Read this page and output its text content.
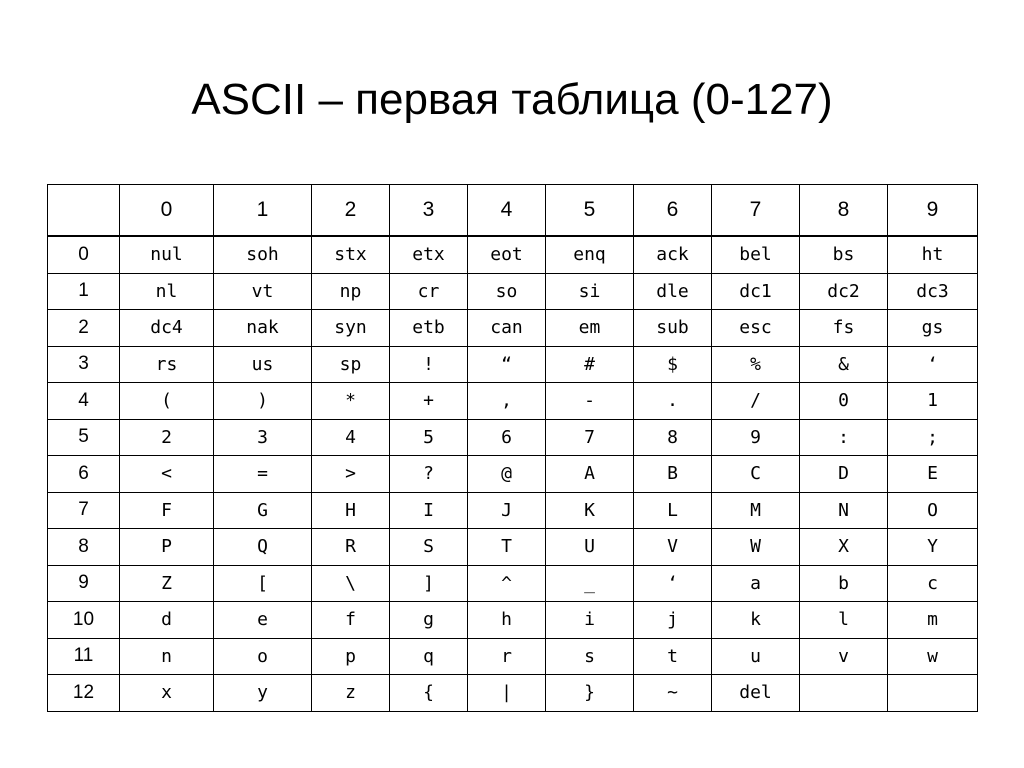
ASCII – первая таблица (0-127)
	0	1	2	3	4	5	6	7	8	9
0	nul	soh	stx	etx	eot	enq	ack	bel	bs	ht
1	nl	vt	np	cr	so	si	dle	dc1	dc2	dc3
2	dc4	nak	syn	etb	can	em	sub	esc	fs	gs
3	rs	us	sp	!	“	#	$	%	&	‘
4	(	)	*	+	,	-	.	/	0	1
5	2	3	4	5	6	7	8	9	:	;
6	<	=	>	?	@	A	B	C	D	E
7	F	G	H	I	J	K	L	M	N	O
8	P	Q	R	S	T	U	V	W	X	Y
9	Z	[	\	]	^	_	‘	a	b	c
10	d	e	f	g	h	i	j	k	l	m
11	n	o	p	q	r	s	t	u	v	w
12	x	y	z	{	|	}	~	del		
